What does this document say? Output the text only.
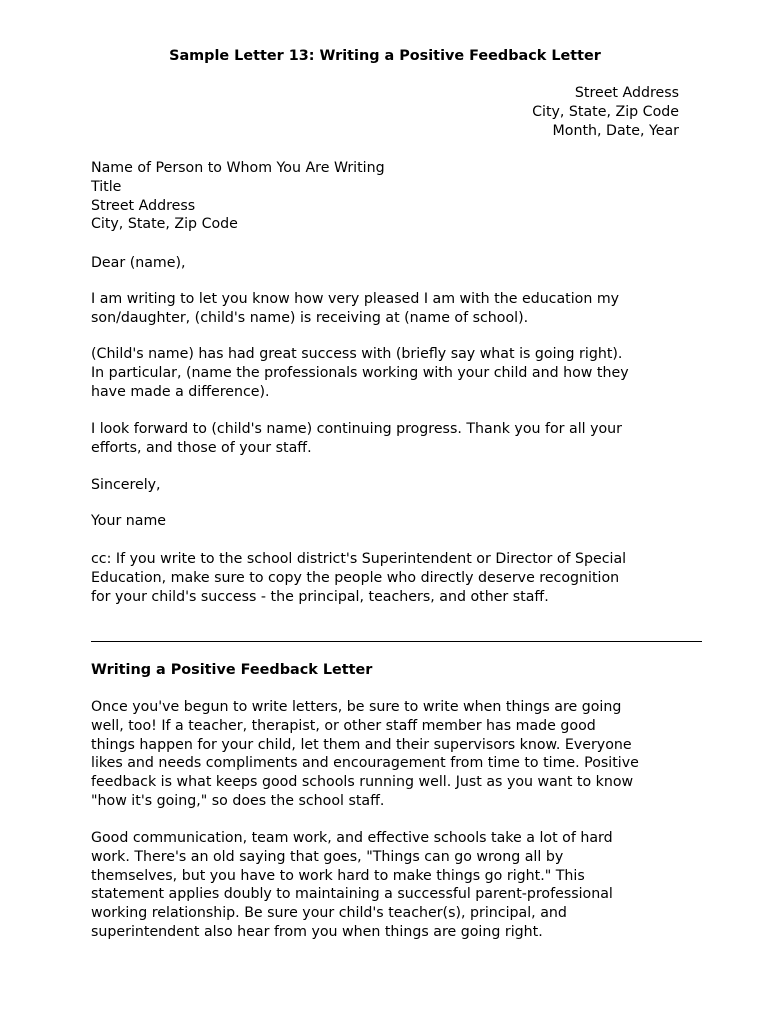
Sample Letter 13: Writing a Positive Feedback Letter
Street Address
City, State, Zip Code
Month, Date, Year
Name of Person to Whom You Are Writing
Title
Street Address
City, State, Zip Code
Dear (name),
I am writing to let you know how very pleased I am with the education my
son/daughter, (child's name) is receiving at (name of school).
(Child's name) has had great success with (briefly say what is going right).
In particular, (name the professionals working with your child and how they
have made a difference).
I look forward to (child's name) continuing progress. Thank you for all your
efforts, and those of your staff.
Sincerely,
Your name
cc: If you write to the school district's Superintendent or Director of Special
Education, make sure to copy the people who directly deserve recognition
for your child's success - the principal, teachers, and other staff.
Writing a Positive Feedback Letter
Once you've begun to write letters, be sure to write when things are going
well, too! If a teacher, therapist, or other staff member has made good
things happen for your child, let them and their supervisors know. Everyone
likes and needs compliments and encouragement from time to time. Positive
feedback is what keeps good schools running well. Just as you want to know
"how it's going," so does the school staff.
Good communication, team work, and effective schools take a lot of hard
work. There's an old saying that goes, "Things can go wrong all by
themselves, but you have to work hard to make things go right." This
statement applies doubly to maintaining a successful parent-professional
working relationship. Be sure your child's teacher(s), principal, and
superintendent also hear from you when things are going right.
